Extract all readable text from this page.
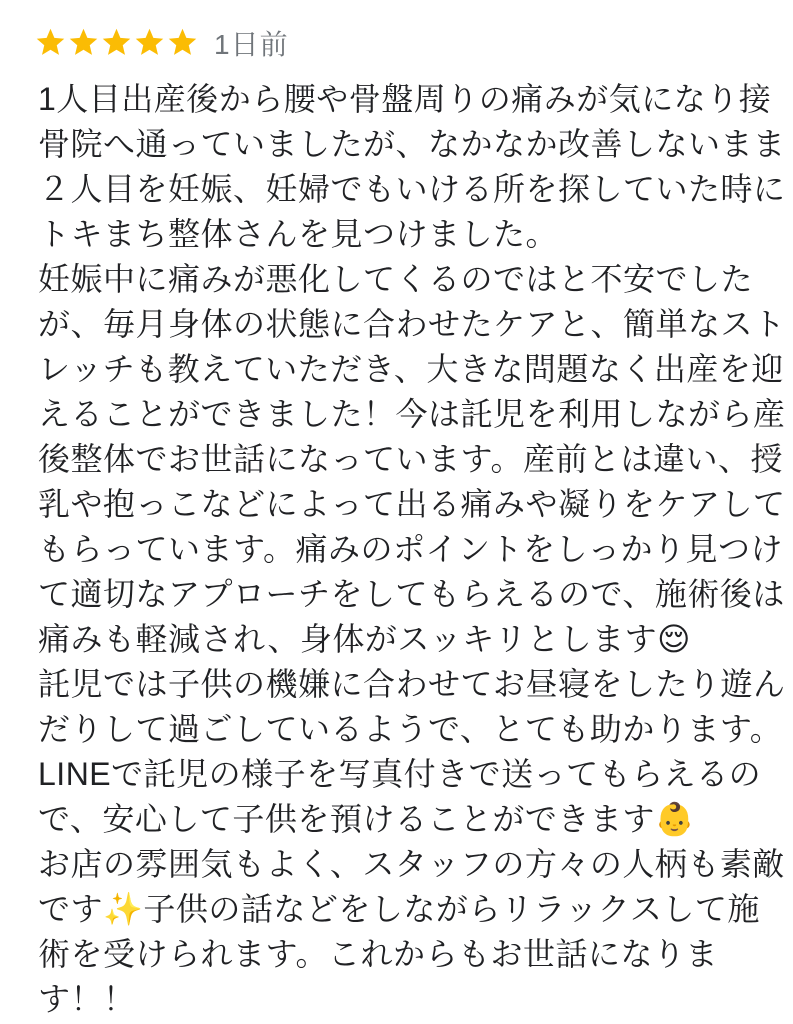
1日前
1人目出産後から腰や骨盤周りの痛みが気になり接
骨院へ通っていましたが、なかなか改善しないまま
２人目を妊娠、妊婦でもいける所を探していた時に
トキまち整体さんを見つけました。
妊娠中に痛みが悪化してくるのではと不安でした
が、毎月身体の状態に合わせたケアと、簡単なスト
レッチも教えていただき、大きな問題なく出産を迎
えることができました！今は託児を利用しながら産
後整体でお世話になっています。産前とは違い、授
乳や抱っこなどによって出る痛みや凝りをケアして
もらっています。痛みのポイントをしっかり見つけ
て適切なアプローチをしてもらえるので、施術後は
痛みも軽減され、身体がスッキリとします😌
託児では子供の機嫌に合わせてお昼寝をしたり遊ん
だりして過ごしているようで、とても助かります。
LINEで託児の様子を写真付きで送ってもらえるの
で、安心して子供を預けることができます👶
お店の雰囲気もよく、スタッフの方々の人柄も素敵
です✨子供の話などをしながらリラックスして施
術を受けられます。これからもお世話になりま
す！！
